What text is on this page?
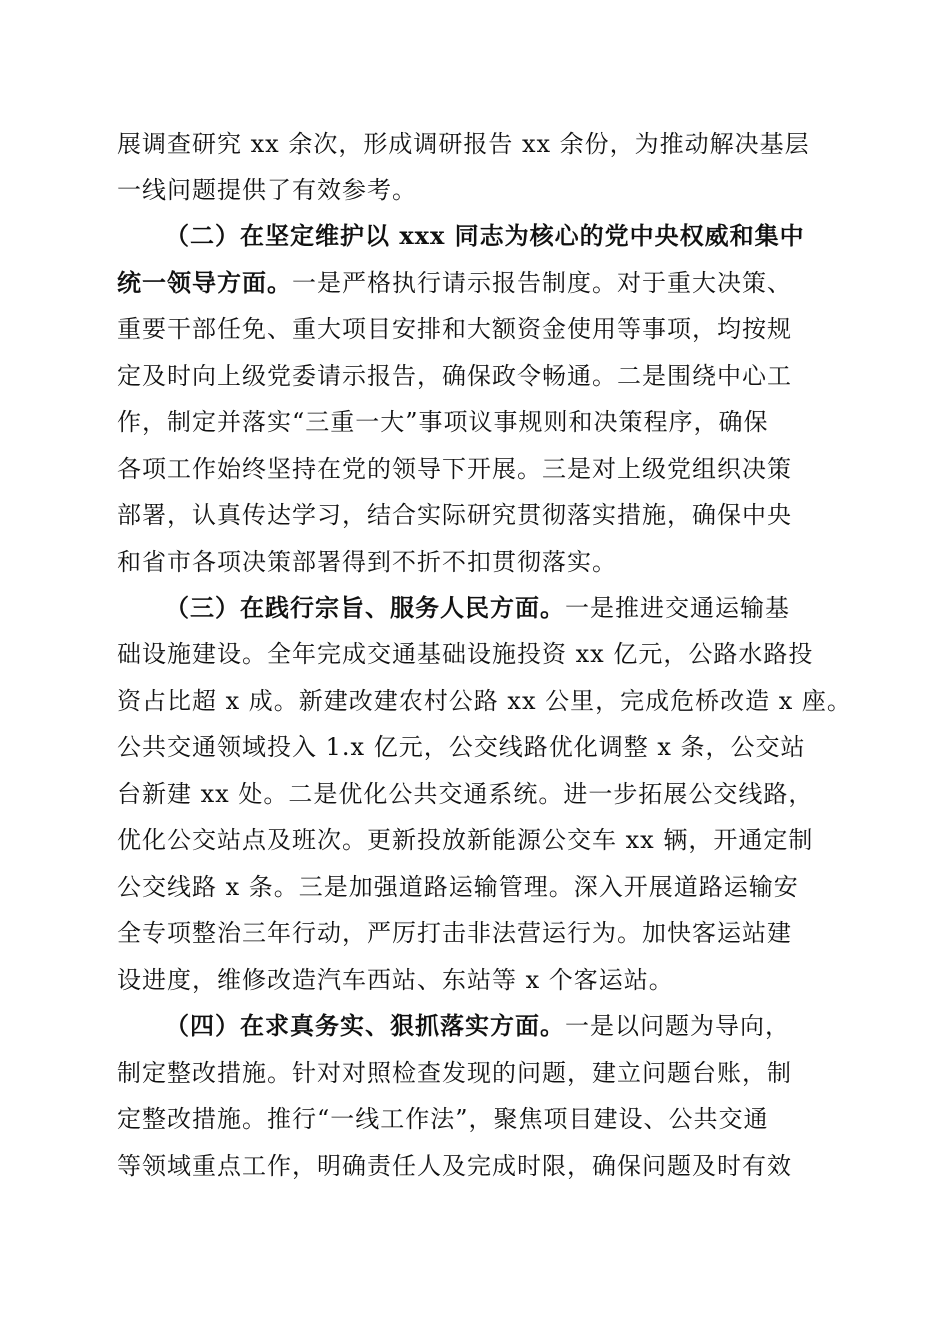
展调查研究 xx 余次，形成调研报告 xx 余份，为推动解决基层
一线问题提供了有效参考。
（二）在坚定维护以 xxx 同志为核心的党中央权威和集中
统一领导方面。一是严格执行请示报告制度。对于重大决策、
重要干部任免、重大项目安排和大额资金使用等事项，均按规
定及时向上级党委请示报告，确保政令畅通。二是围绕中心工
作，制定并落实“三重一大”事项议事规则和决策程序，确保
各项工作始终坚持在党的领导下开展。三是对上级党组织决策
部署，认真传达学习，结合实际研究贯彻落实措施，确保中央
和省市各项决策部署得到不折不扣贯彻落实。
（三）在践行宗旨、服务人民方面。一是推进交通运输基
础设施建设。全年完成交通基础设施投资 xx 亿元，公路水路投
资占比超 x 成。新建改建农村公路 xx 公里，完成危桥改造 x 座。
公共交通领域投入 1.x 亿元，公交线路优化调整 x 条，公交站
台新建 xx 处。二是优化公共交通系统。进一步拓展公交线路，
优化公交站点及班次。更新投放新能源公交车 xx 辆，开通定制
公交线路 x 条。三是加强道路运输管理。深入开展道路运输安
全专项整治三年行动，严厉打击非法营运行为。加快客运站建
设进度，维修改造汽车西站、东站等 x 个客运站。
（四）在求真务实、狠抓落实方面。一是以问题为导向，
制定整改措施。针对对照检查发现的问题，建立问题台账，制
定整改措施。推行“一线工作法”，聚焦项目建设、公共交通
等领域重点工作，明确责任人及完成时限，确保问题及时有效
